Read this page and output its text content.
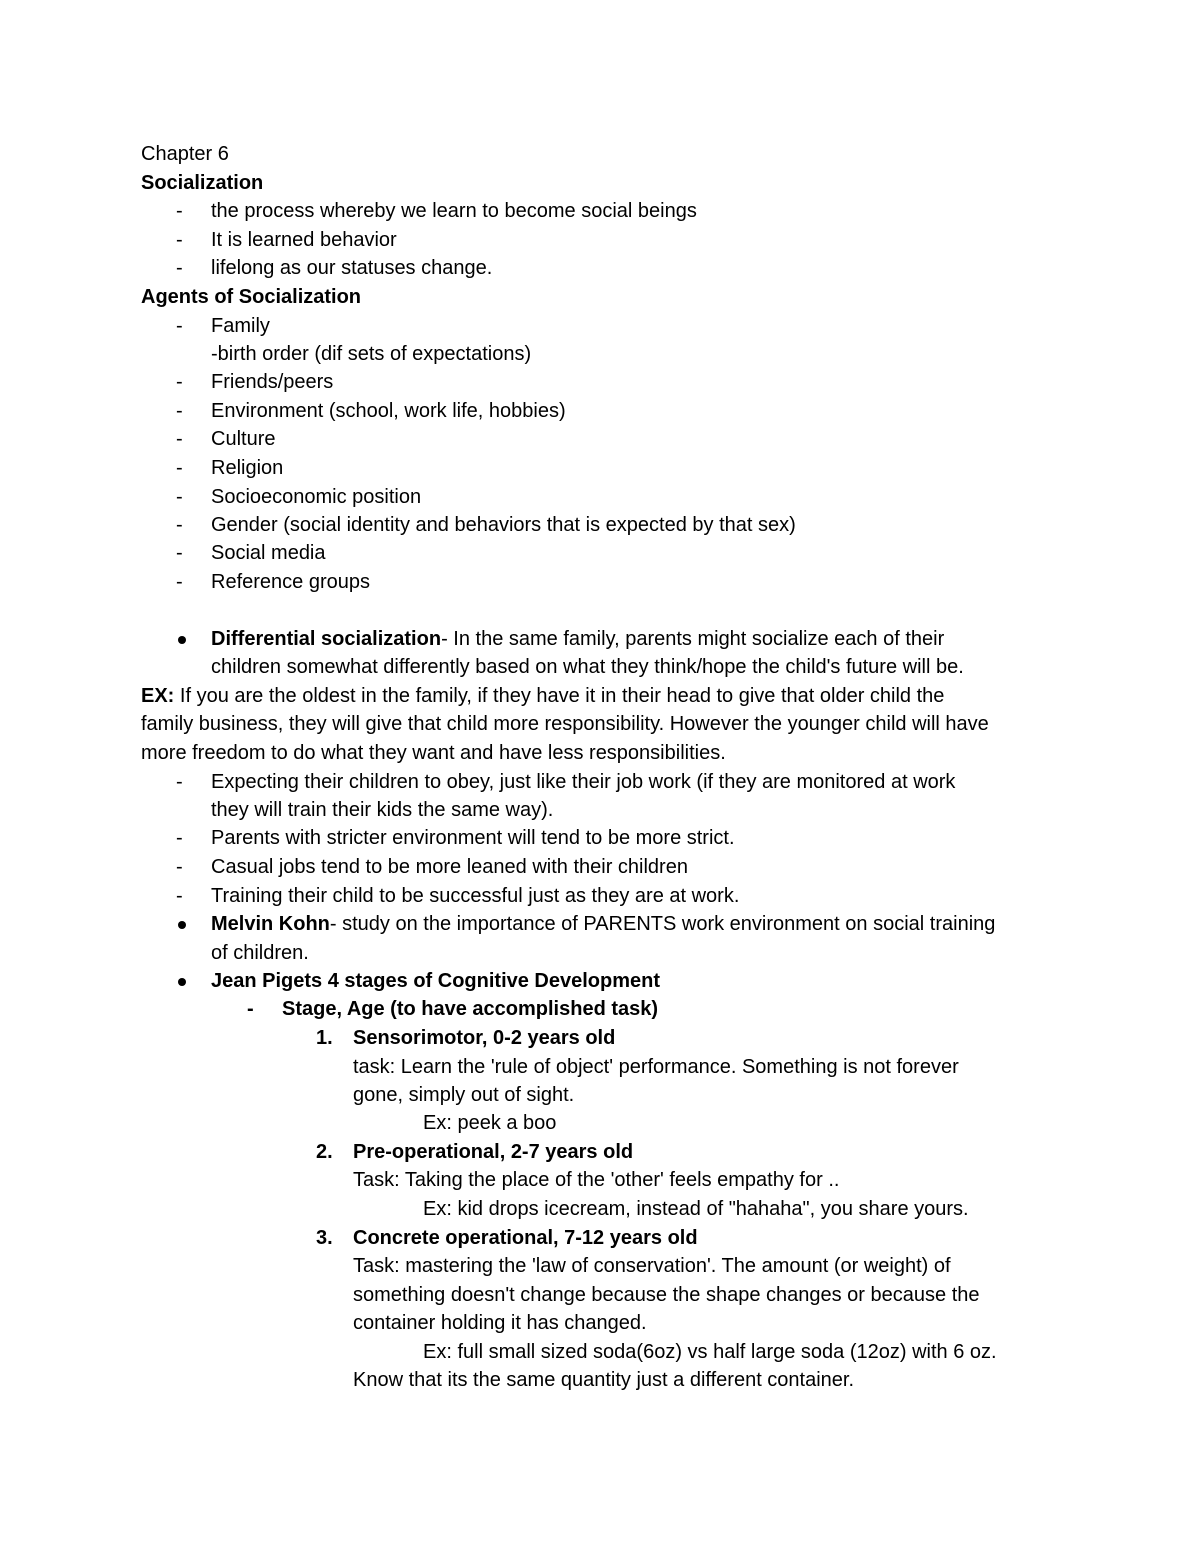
Chapter 6
Socialization
- the process whereby we learn to become social beings
- It is learned behavior
- lifelong as our statuses change.
Agents of Socialization
- Family
-birth order (dif sets of expectations)
- Friends/peers
- Environment (school, work life, hobbies)
- Culture
- Religion
- Socioeconomic position
- Gender (social identity and behaviors that is expected by that sex)
- Social media
- Reference groups
Differential socialization- In the same family, parents might socialize each of their
children somewhat differently based on what they think/hope the child's future will be.
EX: If you are the oldest in the family, if they have it in their head to give that older child the
family business, they will give that child more responsibility. However the younger child will have
more freedom to do what they want and have less responsibilities.
- Expecting their children to obey, just like their job work (if they are monitored at work
they will train their kids the same way).
- Parents with stricter environment will tend to be more strict.
- Casual jobs tend to be more leaned with their children
- Training their child to be successful just as they are at work.
Melvin Kohn- study on the importance of PARENTS work environment on social training
of children.
Jean Pigets 4 stages of Cognitive Development
- Stage, Age (to have accomplished task)
1. Sensorimotor, 0-2 years old
task: Learn the 'rule of object' performance. Something is not forever
gone, simply out of sight.
Ex: peek a boo
2. Pre-operational, 2-7 years old
Task: Taking the place of the 'other' feels empathy for ..
Ex: kid drops icecream, instead of "hahaha", you share yours.
3. Concrete operational, 7-12 years old
Task: mastering the 'law of conservation'. The amount (or weight) of
something doesn't change because the shape changes or because the
container holding it has changed.
Ex: full small sized soda(6oz) vs half large soda (12oz) with 6 oz.
Know that its the same quantity just a different container.
